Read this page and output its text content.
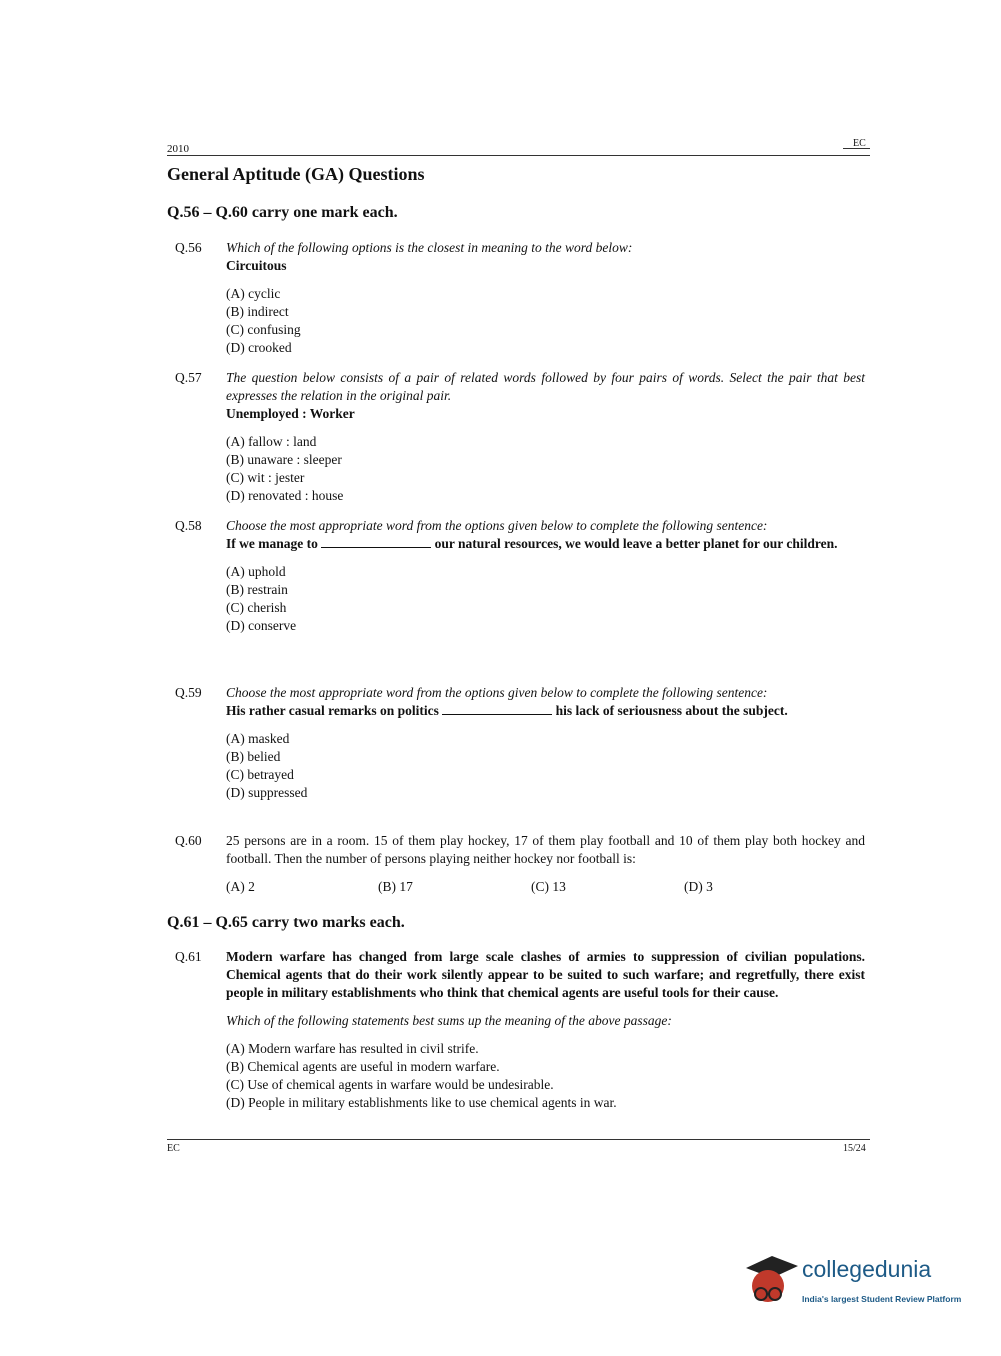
2010	EC
General Aptitude (GA) Questions
Q.56 – Q.60 carry one mark each.
Q.56 Which of the following options is the closest in meaning to the word below:
Circuitous
(A) cyclic
(B) indirect
(C) confusing
(D) crooked
Q.57 The question below consists of a pair of related words followed by four pairs of words. Select the pair that best expresses the relation in the original pair.
Unemployed : Worker
(A) fallow : land
(B) unaware : sleeper
(C) wit : jester
(D) renovated : house
Q.58 Choose the most appropriate word from the options given below to complete the following sentence:
If we manage to	our natural resources, we would leave a better planet for our children.
(A) uphold
(B) restrain
(C) cherish
(D) conserve
Q.59 Choose the most appropriate word from the options given below to complete the following sentence:
His rather casual remarks on politics	his lack of seriousness about the subject.
(A) masked
(B) belied
(C) betrayed
(D) suppressed
Q.60 25 persons are in a room. 15 of them play hockey, 17 of them play football and 10 of them play both hockey and football. Then the number of persons playing neither hockey nor football is:
(A) 2	(B) 17	(C) 13	(D) 3
Q.61 – Q.65 carry two marks each.
Q.61 Modern warfare has changed from large scale clashes of armies to suppression of civilian populations. Chemical agents that do their work silently appear to be suited to such warfare; and regretfully, there exist people in military establishments who think that chemical agents are useful tools for their cause.
Which of the following statements best sums up the meaning of the above passage:
(A) Modern warfare has resulted in civil strife.
(B) Chemical agents are useful in modern warfare.
(C) Use of chemical agents in warfare would be undesirable.
(D) People in military establishments like to use chemical agents in war.
EC	15/24
collegedunia
India's largest Student Review Platform
